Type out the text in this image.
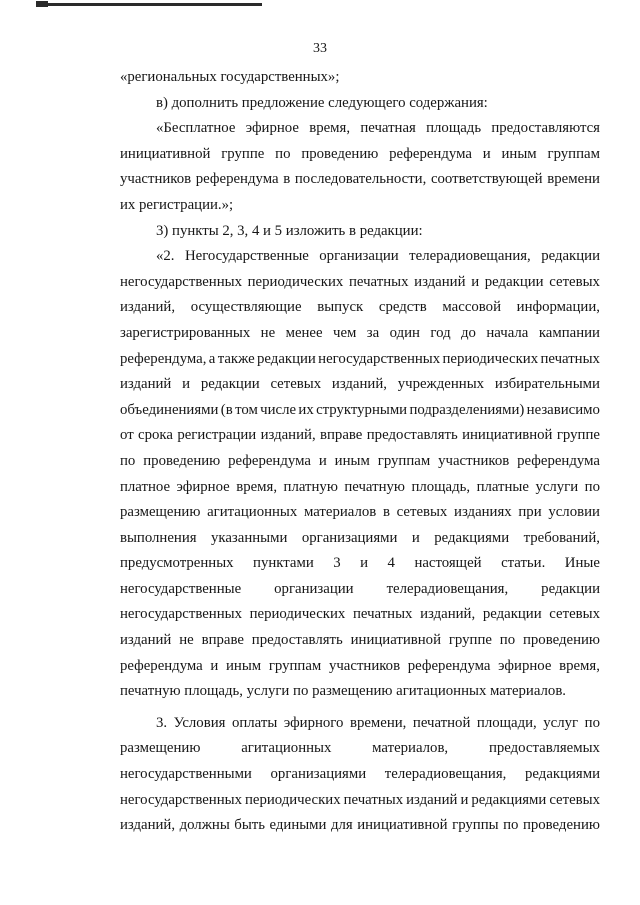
33
«региональных государственных»;
в) дополнить предложение следующего содержания:
«Бесплатное эфирное время, печатная площадь предоставляются
инициативной группе по проведению референдума и иным группам
участников референдума в последовательности, соответствующей времени
их регистрации.»;
3) пункты 2, 3, 4 и 5 изложить в редакции:
«2. Негосударственные организации телерадиовещания, редакции
негосударственных периодических печатных изданий и редакции сетевых
изданий, осуществляющие выпуск средств массовой информации,
зарегистрированных не менее чем за один год до начала кампании
референдума, а также редакции негосударственных периодических печатных
изданий и редакции сетевых изданий, учрежденных избирательными
объединениями (в том числе их структурными подразделениями) независимо
от срока регистрации изданий, вправе предоставлять инициативной группе
по проведению референдума и иным группам участников референдума
платное эфирное время, платную печатную площадь, платные услуги по
размещению агитационных материалов в сетевых изданиях при условии
выполнения указанными организациями и редакциями требований,
предусмотренных пунктами 3 и 4 настоящей статьи. Иные
негосударственные организации телерадиовещания, редакции
негосударственных периодических печатных изданий, редакции сетевых
изданий не вправе предоставлять инициативной группе по проведению
референдума и иным группам участников референдума эфирное время,
печатную площадь, услуги по размещению агитационных материалов.
3. Условия оплаты эфирного времени, печатной площади, услуг по
размещению	агитационных	материалов,	предоставляемых
негосударственными организациями телерадиовещания, редакциями
негосударственных периодических печатных изданий и редакциями сетевых
изданий, должны быть едиными для инициативной группы по проведению
